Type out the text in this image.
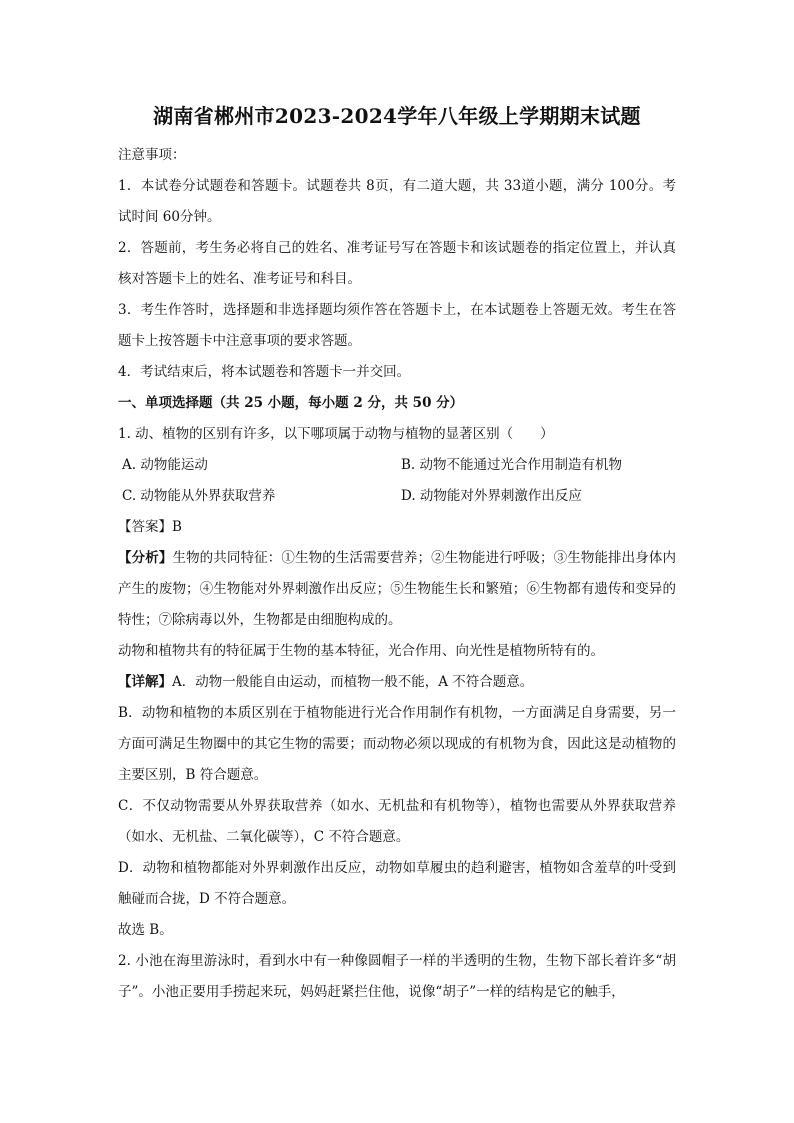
湖南省郴州市2023-2024学年八年级上学期期末试题
注意事项：
1．本试卷分试题卷和答题卡。试题卷共 8页，有二道大题，共 33道小题，满分 100分。考试时间 60分钟。
2．答题前，考生务必将自己的姓名、准考证号写在答题卡和该试题卷的指定位置上，并认真核对答题卡上的姓名、准考证号和科目。
3．考生作答时，选择题和非选择题均须作答在答题卡上，在本试题卷上答题无效。考生在答题卡上按答题卡中注意事项的要求答题。
4．考试结束后，将本试题卷和答题卡一并交回。
一、单项选择题（共 25 小题，每小题 2 分，共 50 分）
1. 动、植物的区别有许多，以下哪项属于动物与植物的显著区别（　　）
A. 动物能运动	B. 动物不能通过光合作用制造有机物
C. 动物能从外界获取营养	D. 动物能对外界刺激作出反应
【答案】B
【分析】生物的共同特征：①生物的生活需要营养；②生物能进行呼吸；③生物能排出身体内产生的废物；④生物能对外界刺激作出反应；⑤生物能生长和繁殖；⑥生物都有遗传和变异的特性；⑦除病毒以外，生物都是由细胞构成的。
动物和植物共有的特征属于生物的基本特征，光合作用、向光性是植物所特有的。
【详解】A．动物一般能自由运动，而植物一般不能，A 不符合题意。
B．动物和植物的本质区别在于植物能进行光合作用制作有机物，一方面满足自身需要，另一方面可满足生物圈中的其它生物的需要；而动物必须以现成的有机物为食，因此这是动植物的主要区别，B 符合题意。
C．不仅动物需要从外界获取营养（如水、无机盐和有机物等），植物也需要从外界获取营养（如水、无机盐、二氧化碳等），C 不符合题意。
D．动物和植物都能对外界刺激作出反应，动物如草履虫的趋利避害，植物如含羞草的叶受到触碰而合拢，D 不符合题意。
故选 B。
2. 小池在海里游泳时，看到水中有一种像圆帽子一样的半透明的生物，生物下部长着许多“胡子”。小池正要用手捞起来玩，妈妈赶紧拦住他，说像“胡子”一样的结构是它的触手，
